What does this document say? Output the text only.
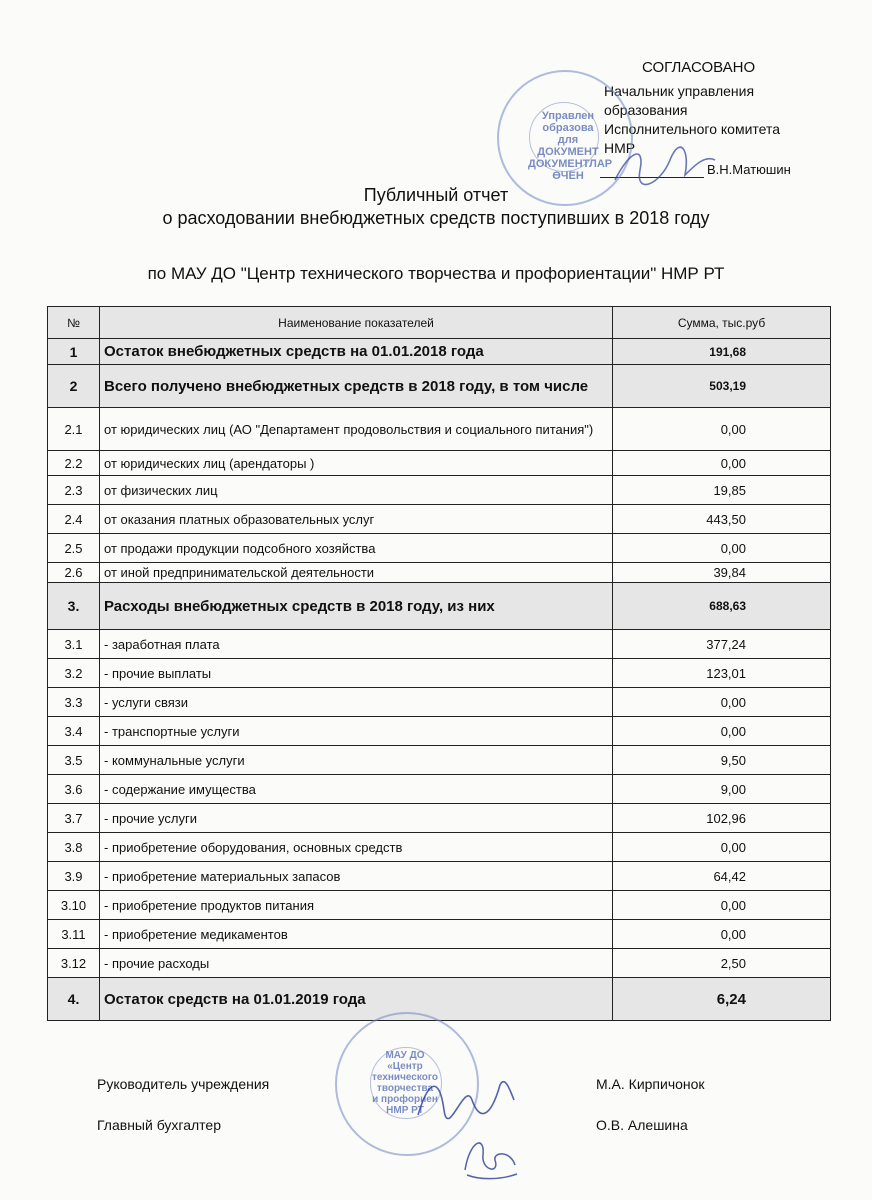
СОГЛАСОВАНО
Начальник управления
образования
Исполнительного комитета
НМР
В.Н.Матюшин
Управлен
образова
для
ДОКУМЕНТ
ДОКУМЕНТЛАР
ӨЧЕН
Публичный отчет
о расходовании внебюджетных средств поступивших в 2018 году
по МАУ ДО "Центр технического творчества и профориентации" НМР РТ
№	Наименование показателей	Сумма, тыс.руб
1	Остаток внебюджетных средств на 01.01.2018 года	191,68
2	Всего получено внебюджетных средств в 2018 году, в том числе	503,19
2.1	от юридических лиц (АО "Департамент продовольствия и социального питания")	0,00
2.2	от юридических лиц (арендаторы )	0,00
2.3	от физических лиц	19,85
2.4	от оказания платных образовательных услуг	443,50
2.5	от продажи продукции подсобного хозяйства	0,00
2.6	от иной предпринимательской деятельности	39,84
3.	Расходы внебюджетных средств в 2018 году, из них	688,63
3.1	- заработная плата	377,24
3.2	- прочие выплаты	123,01
3.3	- услуги связи	0,00
3.4	- транспортные услуги	0,00
3.5	- коммунальные услуги	9,50
3.6	- содержание имущества	9,00
3.7	- прочие услуги	102,96
3.8	- приобретение оборудования, основных средств	0,00
3.9	- приобретение материальных запасов	64,42
3.10	- приобретение продуктов питания	0,00
3.11	- приобретение медикаментов	0,00
3.12	- прочие расходы	2,50
4.	Остаток средств на 01.01.2019 года	6,24
МАУ ДО
«Центр
технического
творчества
и профориен
НМР РТ
Руководитель учреждения	М.А. Кирпичонок
Главный бухгалтер	О.В. Алешина
